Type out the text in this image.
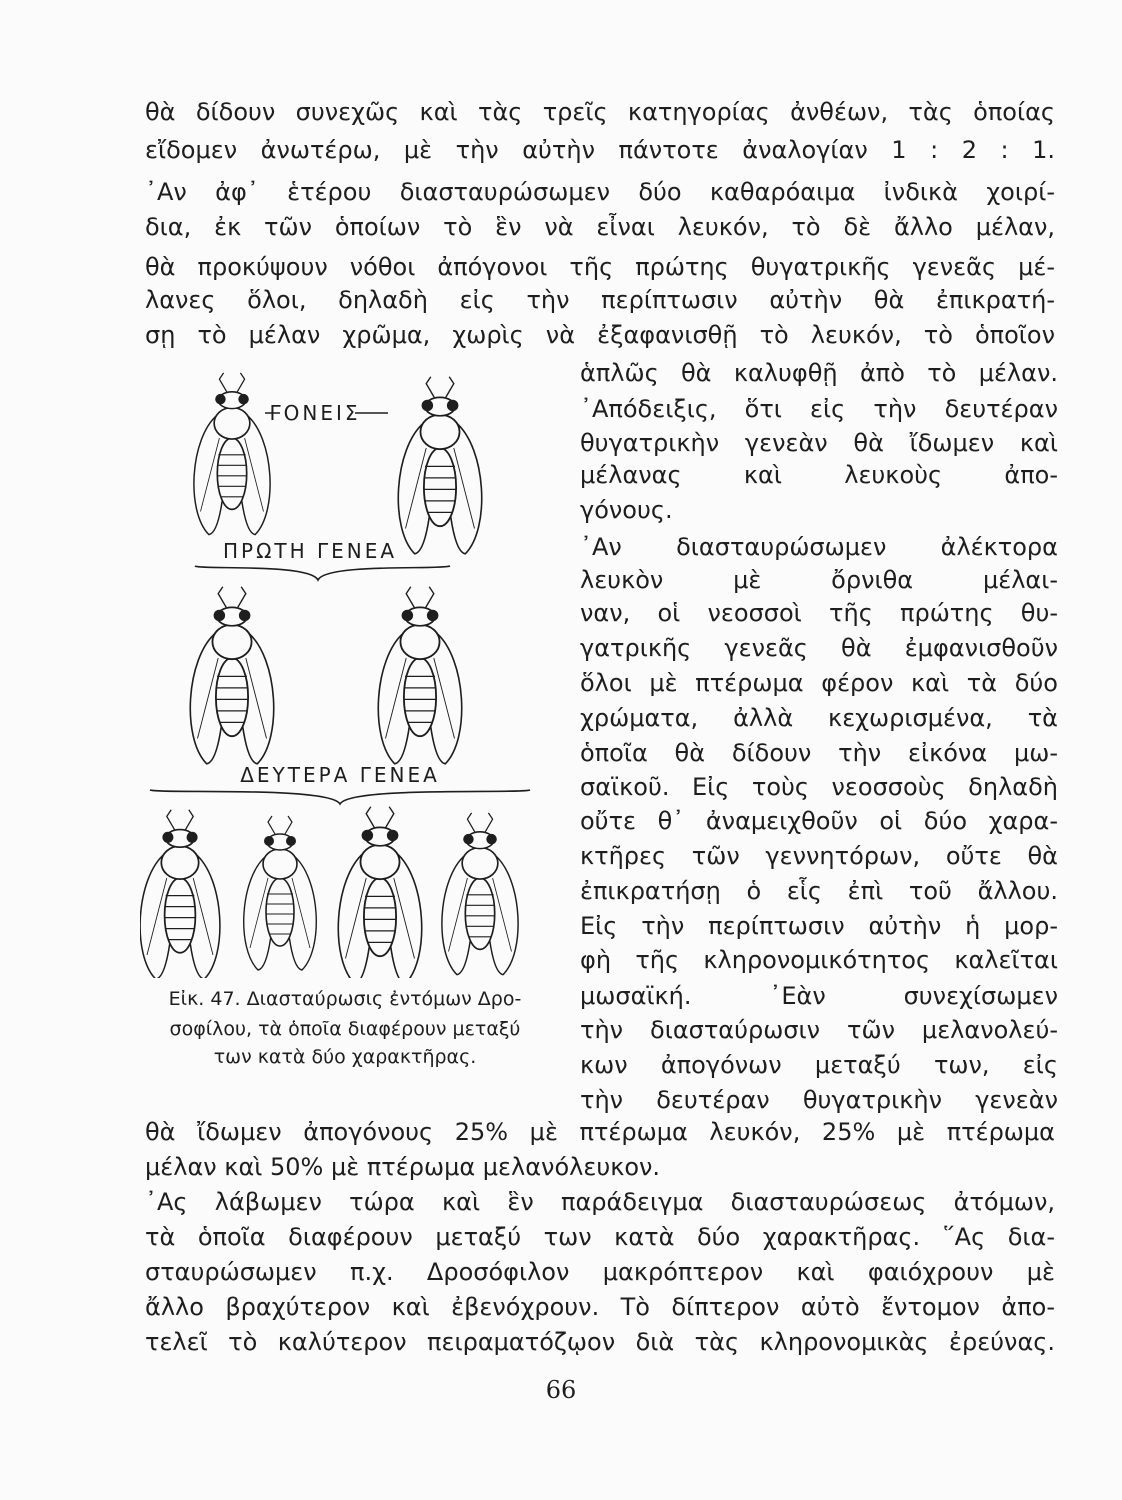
θὰ δίδουν συνεχῶς καὶ τὰς τρεῖς κατηγορίας ἀνθέων, τὰς ὁποίας
εἴδομεν ἀνωτέρω, μὲ τὴν αὐτὴν πάντοτε ἀναλογίαν 1 : 2 : 1.
᾿Αν ἀφ᾿ ἑτέρου διασταυρώσωμεν δύο καθαρόαιμα ἰνδικὰ χοιρί-
δια, ἐκ τῶν ὁποίων τὸ ἓν νὰ εἶναι λευκόν, τὸ δὲ ἄλλο μέλαν,
θὰ προκύψουν νόθοι ἀπόγονοι τῆς πρώτης θυγατρικῆς γενεᾶς μέ-
λανες ὅλοι, δηλαδὴ εἰς τὴν περίπτωσιν αὐτὴν θὰ ἐπικρατή-
σῃ τὸ μέλαν χρῶμα, χωρὶς νὰ ἐξαφανισθῇ τὸ λευκόν, τὸ ὁποῖον
ἁπλῶς θὰ καλυφθῇ ἀπὸ τὸ μέλαν.
᾿Απόδειξις, ὅτι εἰς τὴν δευτέραν
θυγατρικὴν γενεὰν θὰ ἴδωμεν καὶ
μέλανας καὶ λευκοὺς ἀπο-
γόνους.
᾿Αν διασταυρώσωμεν ἀλέκτορα
λευκὸν μὲ ὄρνιθα μέλαι-
ναν, οἱ νεοσσοὶ τῆς πρώτης θυ-
γατρικῆς γενεᾶς θὰ ἐμφανισθοῦν
ὅλοι μὲ πτέρωμα φέρον καὶ τὰ δύο
χρώματα, ἀλλὰ κεχωρισμένα, τὰ
ὁποῖα θὰ δίδουν τὴν εἰκόνα μω-
σαϊκοῦ. Εἰς τοὺς νεοσσοὺς δηλαδὴ
οὔτε θ᾿ ἀναμειχθοῦν οἱ δύο χαρα-
κτῆρες τῶν γεννητόρων, οὔτε θὰ
ἐπικρατήσῃ ὁ εἷς ἐπὶ τοῦ ἄλλου.
Εἰς τὴν περίπτωσιν αὐτὴν ἡ μορ-
φὴ τῆς κληρονομικότητος καλεῖται
μωσαϊκή. ᾿Εὰν συνεχίσωμεν
τὴν διασταύρωσιν τῶν μελανολεύ-
κων ἀπογόνων μεταξύ των, εἰς
τὴν δευτέραν θυγατρικὴν γενεὰν
ΓΟΝΕΙΣ
ΠΡΩΤΗ ΓΕΝΕΑ
ΔΕΥΤΕΡΑ ΓΕΝΕΑ
Εἰκ. 47. Διασταύρωσις ἐντόμων Δρο-
σοφίλου, τὰ ὁποῖα διαφέρουν μεταξύ
των κατὰ δύο χαρακτῆρας.
θὰ ἴδωμεν ἀπογόνους 25% μὲ πτέρωμα λευκόν, 25% μὲ πτέρωμα
μέλαν καὶ 50% μὲ πτέρωμα μελανόλευκον.
᾿Ας λάβωμεν τώρα καὶ ἓν παράδειγμα διασταυρώσεως ἀτόμων,
τὰ ὁποῖα διαφέρουν μεταξύ των κατὰ δύο χαρακτῆρας. ῞Ας δια-
σταυρώσωμεν π.χ. Δροσόφιλον μακρόπτερον καὶ φαιόχρουν μὲ
ἄλλο βραχύτερον καὶ ἐβενόχρουν. Τὸ δίπτερον αὐτὸ ἔντομον ἀπο-
τελεῖ τὸ καλύτερον πειραματόζῳον διὰ τὰς κληρονομικὰς ἐρεύνας.
66
